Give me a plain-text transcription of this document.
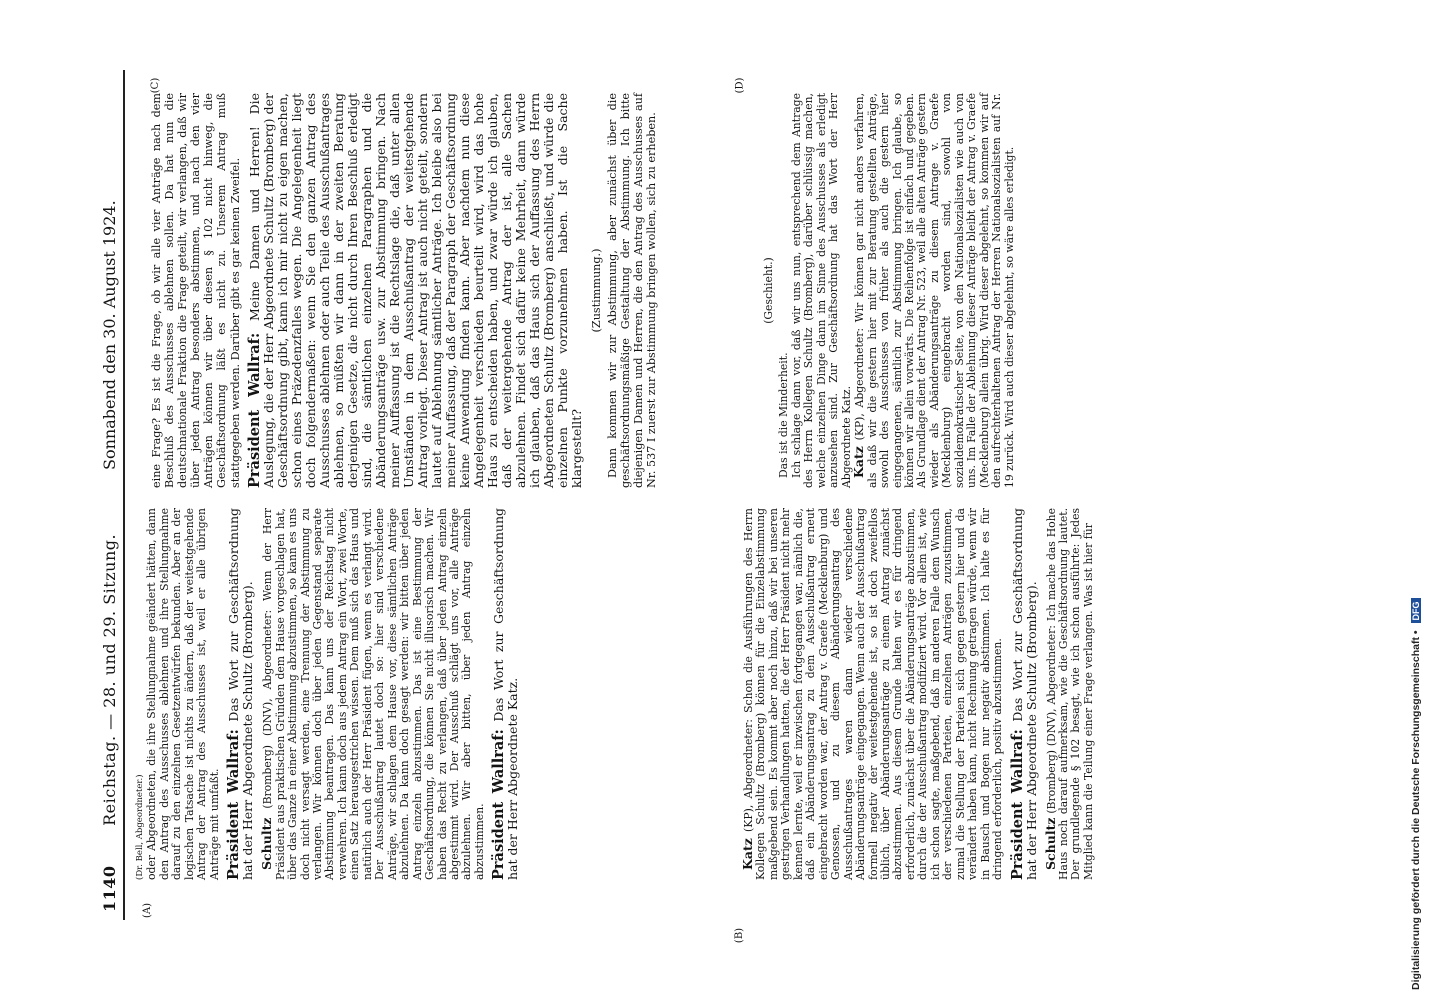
1140 Reichstag. — 28. und 29. Sitzung.
Sonnabend den 30. August 1924.
(A)
(B)
(C)	(D)

(Dr. Bell, Abgeordneter.) oder Abgeordneten, die ihre Stellungnahme geändert hätten, dann den Antrag des Ausschusses ablehnen und ihre Stellungnahme darauf zu den einzelnen Gesetzentwürfen bekunden. Aber an der logischen Tatsache ist nichts zu ändern, daß der weitestgehende Antrag der Antrag des Ausschusses ist, weil er alle übrigen Anträge mit umfaßt. Präsident Wallraf: Das Wort zur Geschäftsordnung hat der Herr Abgeordnete Schultz (Bromberg). Schultz (Bromberg) (DNV), Abgeordneter: Wenn der Herr Präsident aus praktischen Gründen dem Hause vorgeschlagen hat, über das Ganze in einer Abstimmung abzustimmen, so kann es uns doch nicht versagt werden, eine Trennung der Abstimmung zu verlangen. Wir können doch über jeden Gegenstand separate Abstimmung beantragen. Das kann uns der Reichstag nicht verwehren. Ich kann doch aus jedem Antrag ein Wort, zwei Worte, einen Satz herausgestrichen wissen. Dem muß sich das Haus und natürlich auch der Herr Präsident fügen, wenn es verlangt wird. Der Ausschußantrag lautet doch so: hier sind verschiedene Anträge, wir schlagen dem Hause vor, diese sämtlichen Anträge abzulehnen. Da kann doch gesagt werden: wir bitten über jeden Antrag einzeln abzustimmen. Das ist eine Bestimmung der Geschäftsordnung, die können Sie nicht illusorisch machen. Wir haben das Recht zu verlangen, daß über jeden Antrag einzeln abgestimmt wird. Der Ausschuß schlägt uns vor, alle Anträge abzulehnen. Wir aber bitten, über jeden Antrag einzeln abzustimmen. Präsident Wallraf: Das Wort zur Geschäftsordnung hat der Herr Abgeordnete Katz.	Katz (KP), Abgeordneter: Schon die Ausführungen des Herrn Kollegen Schultz (Bromberg) können für die Einzelabstimmung maßgebend sein. Es kommt aber noch hinzu, daß wir bei unseren gestrigen Verhandlungen hatten, die der Herr Präsident nicht mehr kennen lernte, weil er inzwischen fortgegangen war, nämlich die, daß ein Abänderungsantrag zu dem Ausschußantrag erneut eingebracht worden war, der Antrag v. Graefe (Mecklenburg) und Genossen, und zu diesem Abänderungsantrag des Ausschußantrages waren dann wieder verschiedene Abänderungsanträge eingegangen. Wenn auch der Ausschußantrag formell negativ der weitestgehende ist, so ist doch zweifellos üblich, über Abänderungsanträge zu einem Antrag zunächst abzustimmen. Aus diesem Grunde halten wir es für dringend erforderlich, zunächst über die Abänderungsanträge abzustimmen, durch die der Ausschußantrag modifiziert wird. Vor allem ist, wie ich schon sagte, maßgebend, daß im anderen Falle dem Wunsch der verschiedenen Parteien, einzelnen Anträgen zuzustimmen, zumal die Stellung der Parteien sich gegen gestern hier und da verändert haben kann, nicht Rechnung getragen würde, wenn wir in Bausch und Bogen nur negativ abstimmen. Ich halte es für dringend erforderlich, positiv abzustimmen. Präsident Wallraf: Das Wort zur Geschäftsordnung hat der Herr Abgeordnete Schultz (Bromberg). Schultz (Bromberg) (DNV), Abgeordneter: Ich mache das Hohe Haus noch darauf aufmerksam, wie die Geschäftsordnung lautet. Der grundlegende § 102 besagt, wie ich schon ausführte: Jedes Mitglied kann die Teilung einer Frage verlangen. Was ist hier für

eine Frage? Es ist die Frage, ob wir alle vier Anträge nach dem Beschluß des Ausschusses ablehnen sollen. Da hat nun die deutschnationale Fraktion die Frage geteilt, wir verlangen, daß wir über jeden Antrag besonders abstimmen, und nach den vier Anträgen können wir über diesen § 102 nicht hinweg, die Geschäftsordnung läßt es nicht zu. Unserem Antrag muß stattgegeben werden. Darüber gibt es gar keinen Zweifel. Präsident Wallraf: Meine Damen und Herren! Die Auslegung, die der Herr Abgeordnete Schultz (Bromberg) der Geschäftsordnung gibt, kann ich mir nicht zu eigen machen, schon eines Präzedenzfalles wegen. Die Angelegenheit liegt doch folgendermaßen: wenn Sie den ganzen Antrag des Ausschusses ablehnen oder auch Teile des Ausschußantrages ablehnen, so müßten wir dann in der zweiten Beratung derjenigen Gesetze, die nicht durch Ihren Beschluß erledigt sind, die sämtlichen einzelnen Paragraphen und die Abänderungsanträge usw. zur Abstimmung bringen. Nach meiner Auffassung ist die Rechtslage die, daß unter allen Umständen in dem Ausschußantrag der weitestgehende Antrag vorliegt. Dieser Antrag ist auch nicht geteilt, sondern lautet auf Ablehnung sämtlicher Anträge. Ich bleibe also bei meiner Auffassung, daß der Paragraph der Geschäftsordnung keine Anwendung finden kann. Aber nachdem nun diese Angelegenheit verschieden beurteilt wird, wird das hohe Haus zu entscheiden haben, und zwar würde ich glauben, daß der weitergehende Antrag der ist, alle Sachen abzulehnen. Findet sich dafür keine Mehrheit, dann würde ich glauben, daß das Haus sich der Auffassung des Herrn Abgeordneten Schultz (Bromberg) anschließt, und würde die einzelnen Punkte vorzunehmen haben. Ist die Sache klargestellt?

(Zustimmung.) Dann kommen wir zur Abstimmung, aber zunächst über die geschäftsordnungsmäßige Gestaltung der Abstimmung. Ich bitte diejenigen Damen und Herren, die den Antrag des Ausschusses auf Nr. 537 I zuerst zur Abstimmung bringen wollen, sich zu erheben.	(Geschieht.)

Das ist die Minderheit. Ich schlage dann vor, daß wir uns nun, entsprechend dem Antrage des Herrn Kollegen Schultz (Bromberg), darüber schlüssig machen, welche einzelnen Dinge dann im Sinne des Ausschusses als erledigt anzusehen sind. Zur Geschäftsordnung hat das Wort der Herr Abgeordnete Katz.

Katz (KP), Abgeordneter: Wir können gar nicht anders verfahren, als daß wir die gestern hier mit zur Beratung gestellten Anträge, sowohl des Ausschusses von früher als auch die gestern hier eingegangenen, sämtlich zur Abstimmung bringen. Ich glaube, so können wir allein vorwärts. Die Reihenfolge ist einfach und gegeben. Als Grundlage dient der Antrag Nr. 523, weil alle alten Anträge gestern wieder als Abänderungsanträge zu diesem Antrage v. Graefe (Mecklenburg) eingebracht worden sind, sowohl von sozialdemokratischer Seite, von den Nationalsozialisten wie auch von uns. Im Falle der Ablehnung dieser Anträge bleibt der Antrag v. Graefe (Mecklenburg) allein übrig. Wird dieser abgelehnt, so kommen wir auf den aufrechterhaltenen Antrag der Herren Nationalsozialisten auf Nr. 19 zurück. Wird auch dieser abgelehnt, so wäre alles erledigt.

Digitalisierung gefördert durch die Deutsche Forschungsgemeinschaft • DFG
